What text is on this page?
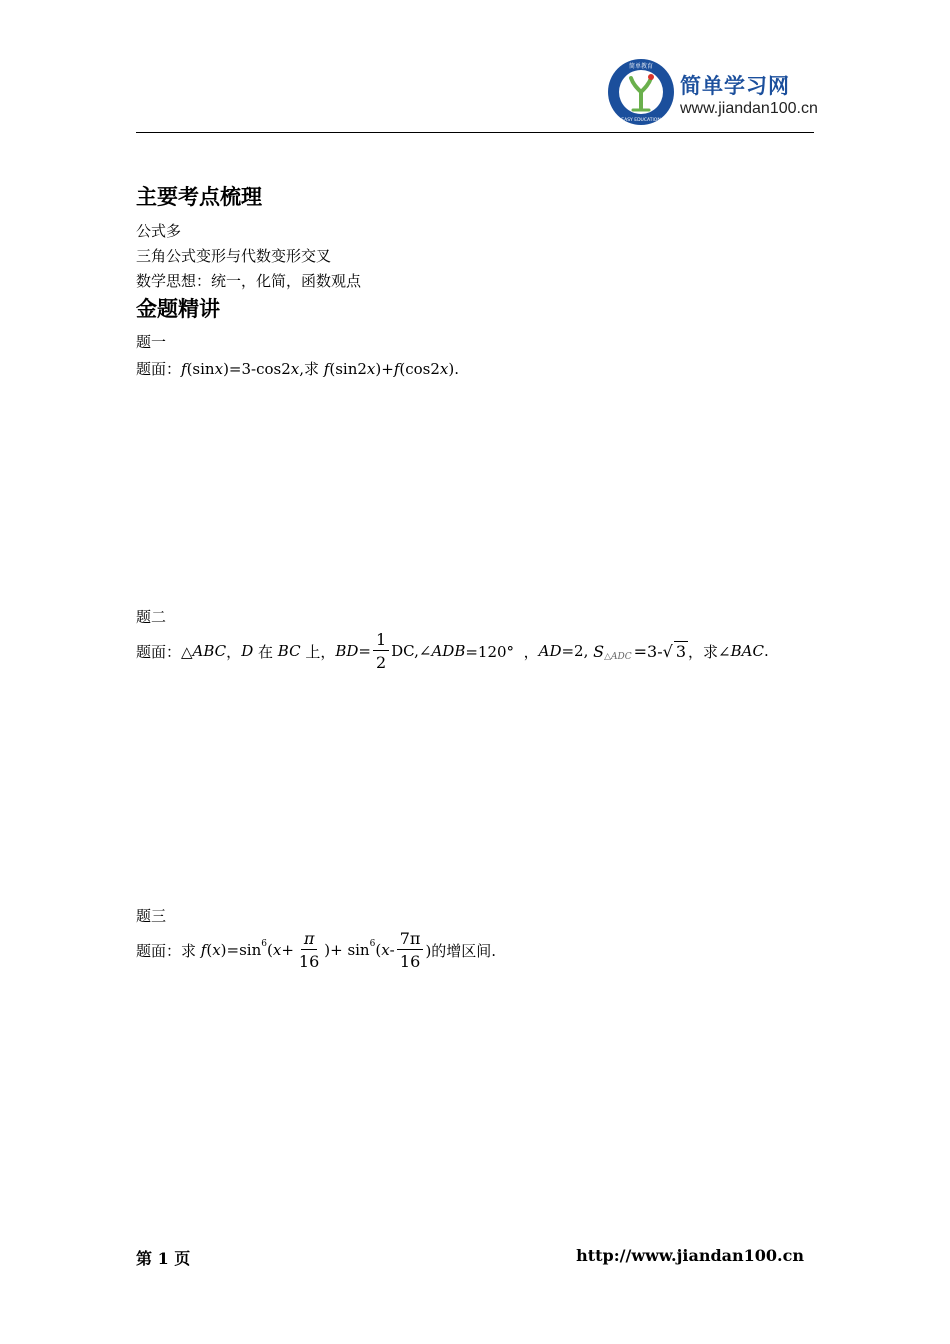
简单教育
EASY EDUCATION
简单学习网
www.jiandan100.cn
主要考点梳理
公式多
三角公式变形与代数变形交叉
数学思想：统一，化简，函数观点
金题精讲
题一
题面： f (sin x )=3-cos2 x ,求 f (sin2 x )+ f (cos2 x ).
题二
题面：△ ABC ， D 在 BC 上， BD = $\frac{1}{2}$ DC,∠ ADB =120°  ， AD =2, S △ADC =3- √ 3 ，求∠ BAC .
题三
题面：求 f ( x )=sin 6 ( $x + \frac{\pi}{16}$ )+ sin 6 ( x - $\frac{7\pi}{16}$ )的增区间.
第 1 页	http://www.jiandan100.cn
